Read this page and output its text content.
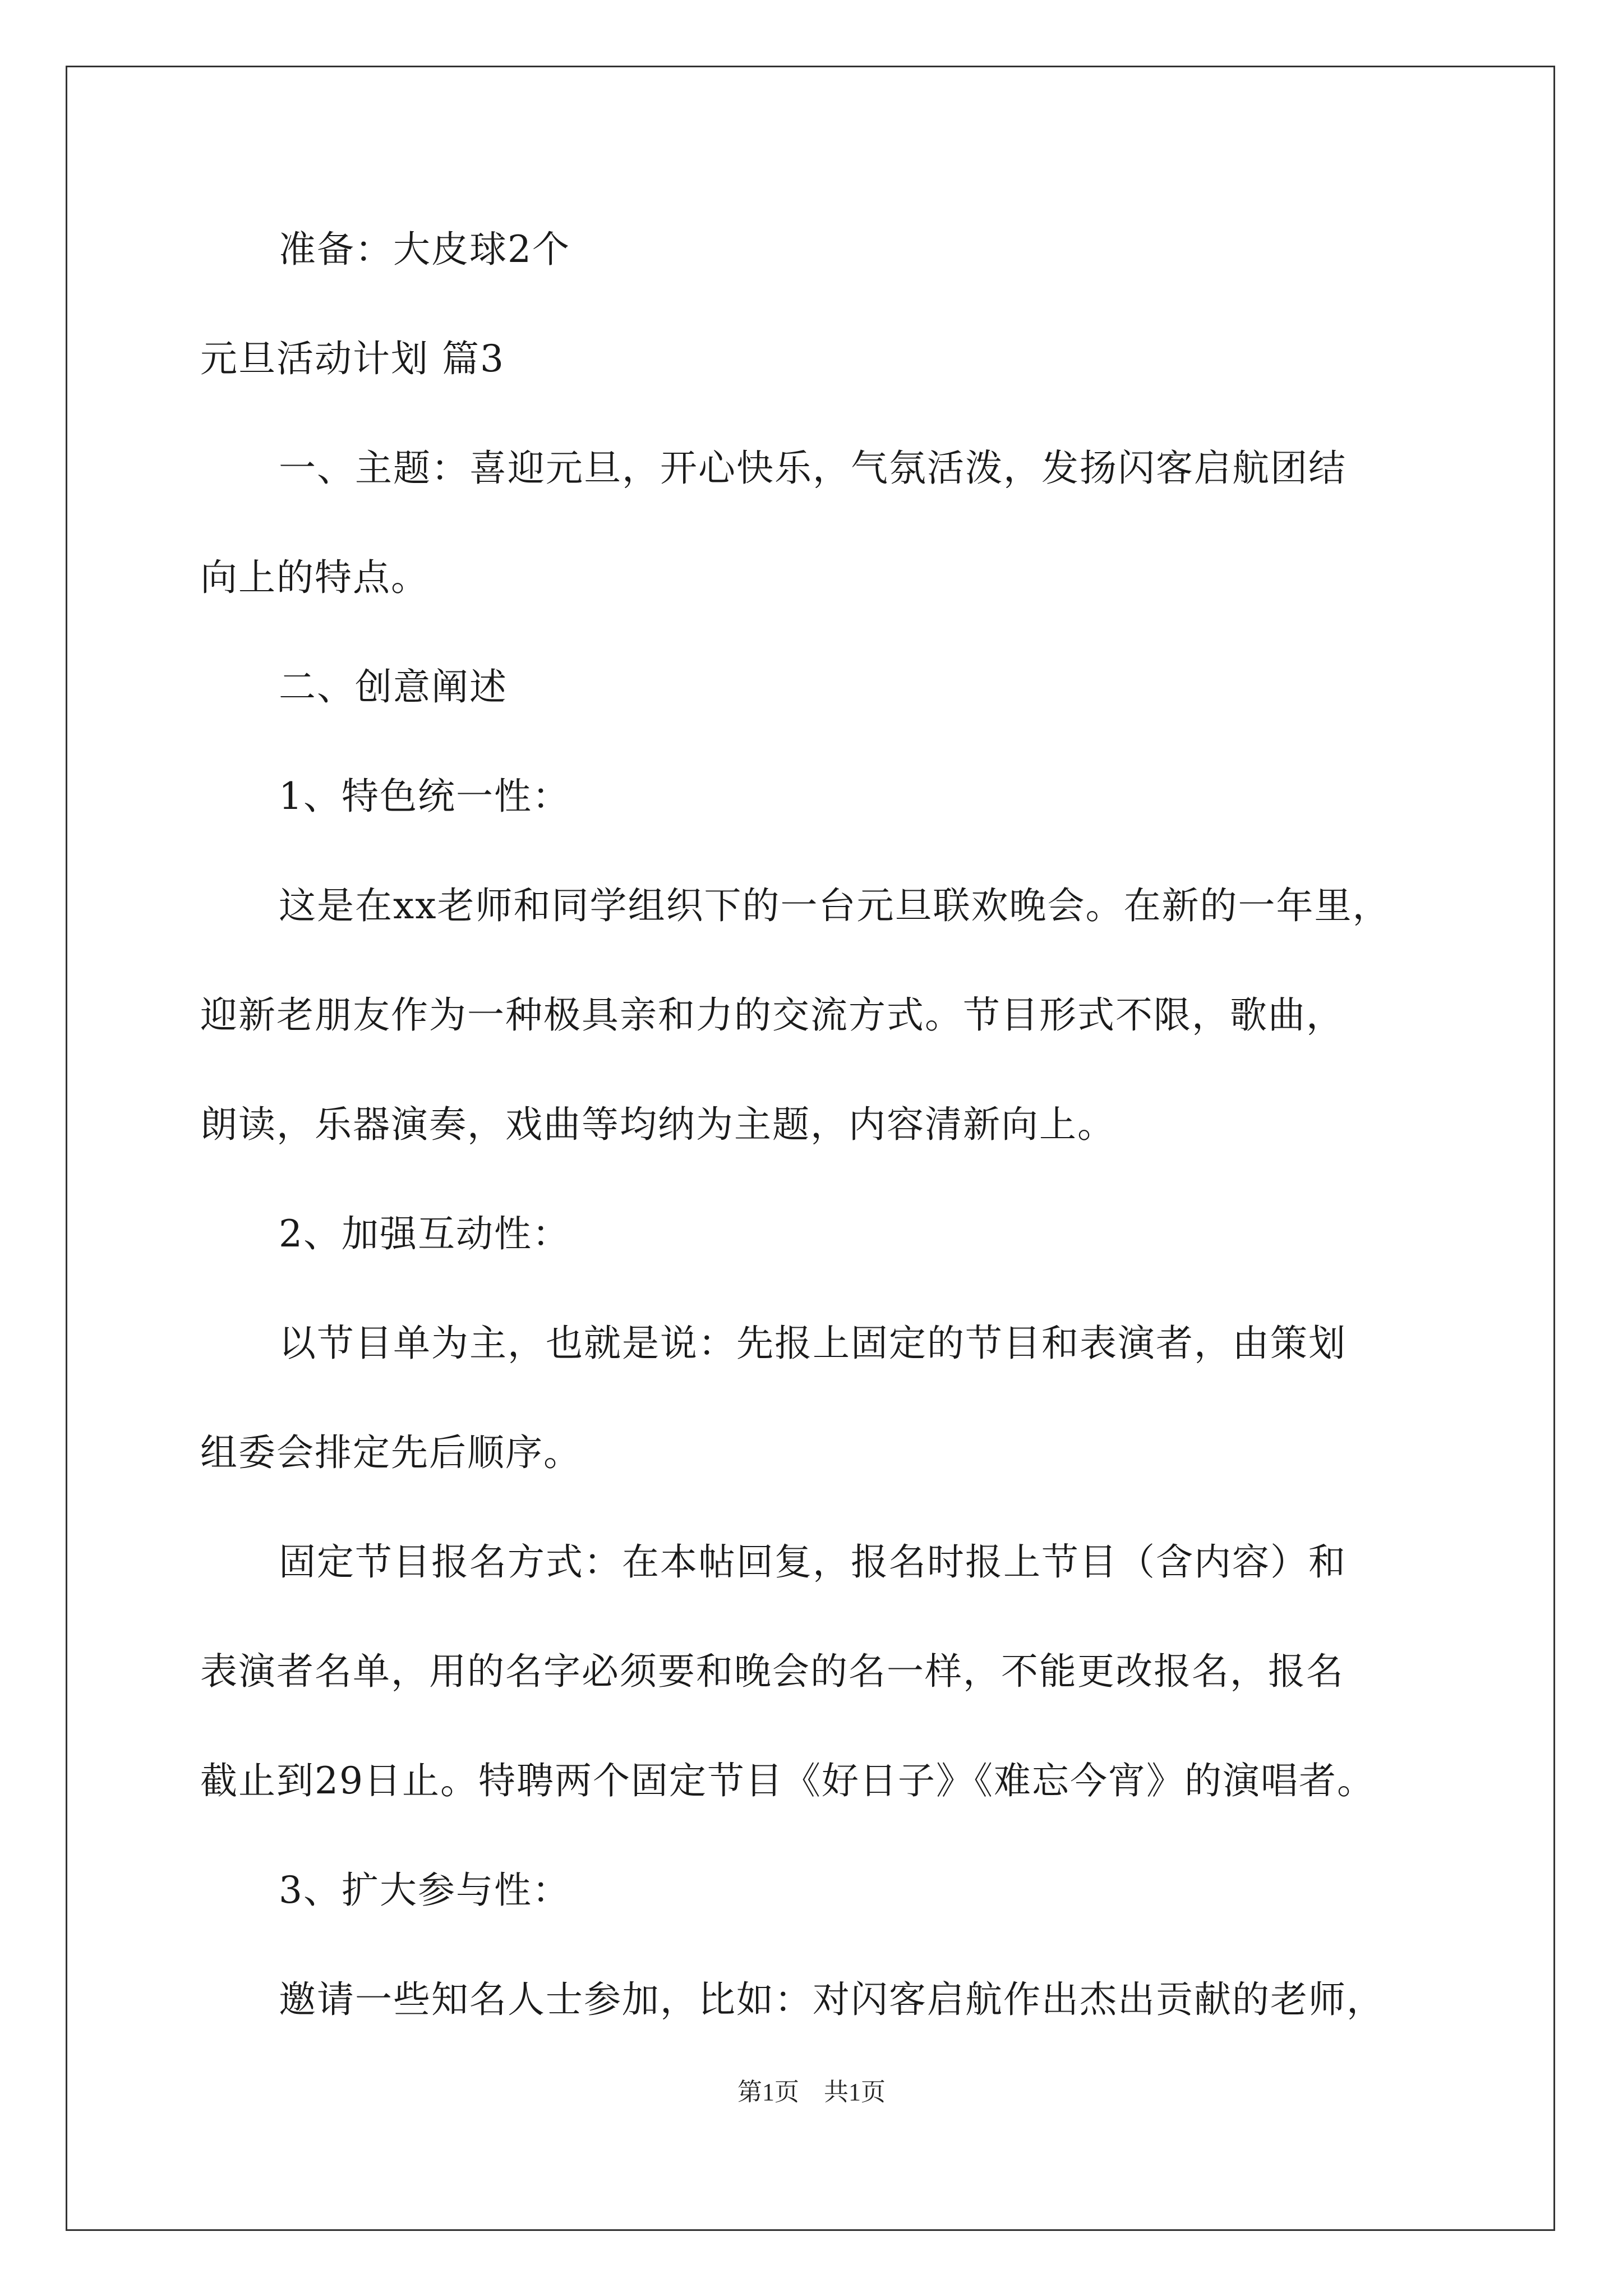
准备：大皮球2个
元旦活动计划 篇3
一、主题：喜迎元旦，开心快乐，气氛活泼，发扬闪客启航团结
向上的特点。
二、创意阐述
1、特色统一性：
这是在xx老师和同学组织下的一台元旦联欢晚会。在新的一年里，
迎新老朋友作为一种极具亲和力的交流方式。节目形式不限，歌曲，
朗读，乐器演奏，戏曲等均纳为主题，内容清新向上。
2、加强互动性：
以节目单为主，也就是说：先报上固定的节目和表演者，由策划
组委会排定先后顺序。
固定节目报名方式：在本帖回复，报名时报上节目（含内容）和
表演者名单，用的名字必须要和晚会的名一样，不能更改报名，报名
截止到29日止。特聘两个固定节目《好日子》《难忘今宵》的演唱者。
3、扩大参与性：
邀请一些知名人士参加，比如：对闪客启航作出杰出贡献的老师，
第1页　共1页
